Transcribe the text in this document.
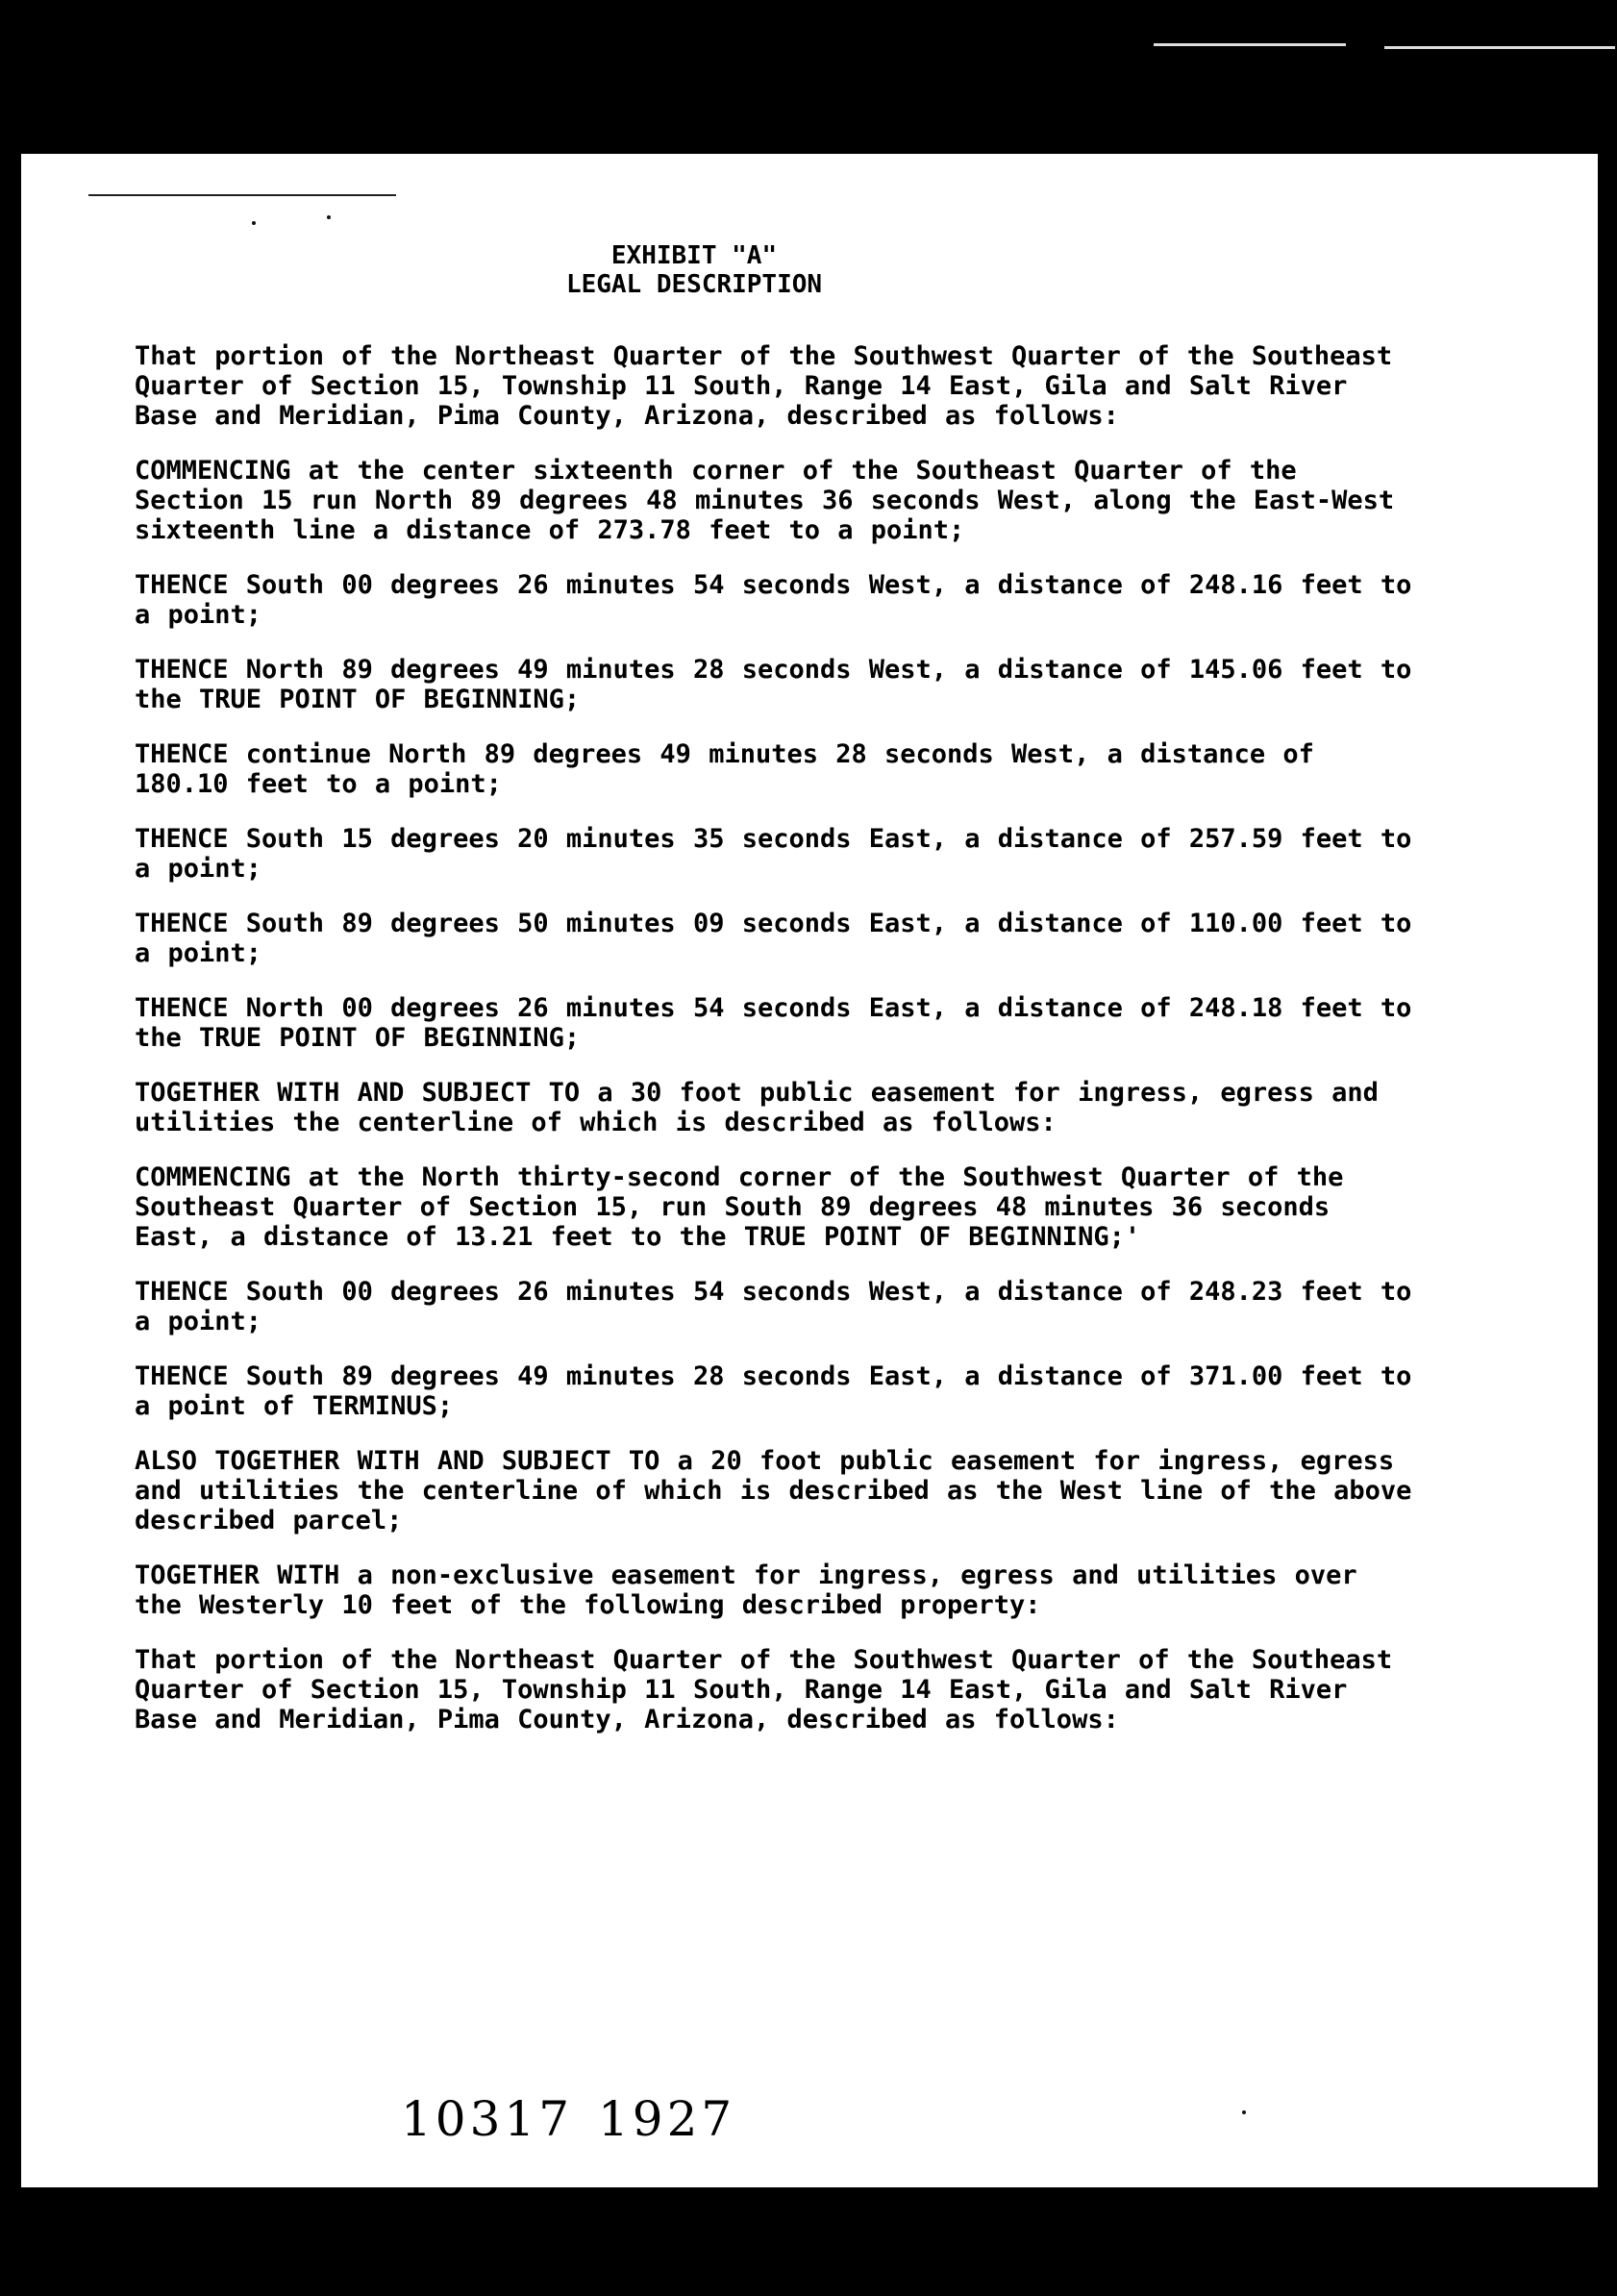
EXHIBIT "A"
LEGAL DESCRIPTION

That portion of the Northeast Quarter of the Southwest Quarter of the Southeast Quarter of Section 15, Township 11 South, Range 14 East, Gila and Salt River Base and Meridian, Pima County, Arizona, described as follows:

COMMENCING at the center sixteenth corner of the Southeast Quarter of the Section 15 run North 89 degrees 48 minutes 36 seconds West, along the East-West sixteenth line a distance of 273.78 feet to a point;

THENCE South 00 degrees 26 minutes 54 seconds West, a distance of 248.16 feet to a point;

THENCE North 89 degrees 49 minutes 28 seconds West, a distance of 145.06 feet to the TRUE POINT OF BEGINNING;

THENCE continue North 89 degrees 49 minutes 28 seconds West, a distance of 180.10 feet to a point;

THENCE South 15 degrees 20 minutes 35 seconds East, a distance of 257.59 feet to a point;

THENCE South 89 degrees 50 minutes 09 seconds East, a distance of 110.00 feet to a point;

THENCE North 00 degrees 26 minutes 54 seconds East, a distance of 248.18 feet to the TRUE POINT OF BEGINNING;

TOGETHER WITH AND SUBJECT TO a 30 foot public easement for ingress, egress and utilities the centerline of which is described as follows:

COMMENCING at the North thirty-second corner of the Southwest Quarter of the Southeast Quarter of Section 15, run South 89 degrees 48 minutes 36 seconds East, a distance of 13.21 feet to the TRUE POINT OF BEGINNING;'

THENCE South 00 degrees 26 minutes 54 seconds West, a distance of 248.23 feet to a point;

THENCE South 89 degrees 49 minutes 28 seconds East, a distance of 371.00 feet to a point of TERMINUS;

ALSO TOGETHER WITH AND SUBJECT TO a 20 foot public easement for ingress, egress and utilities the centerline of which is described as the West line of the above described parcel;

TOGETHER WITH a non-exclusive easement for ingress, egress and utilities over the Westerly 10 feet of the following described property:

That portion of the Northeast Quarter of the Southwest Quarter of the Southeast Quarter of Section 15, Township 11 South, Range 14 East, Gila and Salt River Base and Meridian, Pima County, Arizona, described as follows:

10317 1927
